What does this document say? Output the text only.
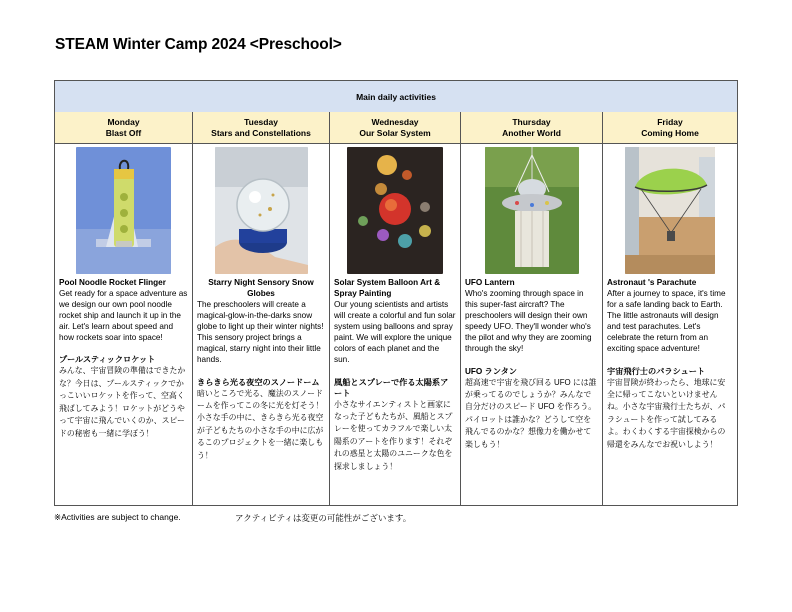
STEAM Winter Camp 2024 <Preschool>
Main daily activities
Monday
Blast Off

Pool Noodle Rocket Flinger

Get ready for a space adventure as we design our own pool noodle rocket ship and launch it up in the air. Let's learn about speed and how rockets soar into space!

プールスティックロケット

みんな、宇宙冒険の準備はできたかな？今日は、プールスティックでかっこいいロケットを作って、空高く飛ばしてみよう！ロケットがどうやって宇宙に飛んでいくのか、スピードの秘密も一緒に学ぼう！

Tuesday
Stars and Constellations

Starry Night Sensory Snow Globes

The preschoolers will create a magical-glow-in-the-darks snow globe to light up their winter nights! This sensory project brings a magical, starry night into their little hands.

きらきら光る夜空のスノードーム

暗いところで光る、魔法のスノードームを作ってこの冬に光を灯そう！小さな手の中に、きらきら光る夜空が子どもたちの小さな手の中に広がるこのプロジェクトを一緒に楽しもう！

Wednesday
Our Solar System

Solar System Balloon Art & Spray Painting

Our young scientists and artists will create a colorful and fun solar system using balloons and spray paint. We will explore the unique colors of each planet and the sun.

風船とスプレーで作る太陽系アート

小さなサイエンティストと画家になった子どもたちが、風船とスプレーを使ってカラフルで楽しい太陽系のアートを作ります！それぞれの惑星と太陽のユニークな色を探求しましょう！

Thursday
Another World

UFO Lantern

Who's zooming through space in this super-fast aircraft? The preschoolers will design their own speedy UFO. They'll wonder who's the pilot and why they are zooming through the sky!

UFO ランタン

超高速で宇宙を飛び回る UFO には誰が乗ってるのでしょうか？みんなで自分だけのスピード UFO を作ろう。パイロットは誰かな？どうして空を飛んでるのかな？想像力を働かせて楽しもう！

Friday
Coming Home

Astronaut 's Parachute

After a journey to space, it's time for a safe landing back to Earth. The little astronauts will design and test parachutes. Let's celebrate the return from an exciting space adventure!

宇宙飛行士のパラシュート

宇宙冒険が終わったら、地球に安全に帰ってこないといけませんね。小さな宇宙飛行士たちが、パラシュートを作って試してみるよ。わくわくする宇宙探検からの帰還をみんなでお祝いしよう！

※Activities are subject to change.	アクティビティは変更の可能性がございます。
